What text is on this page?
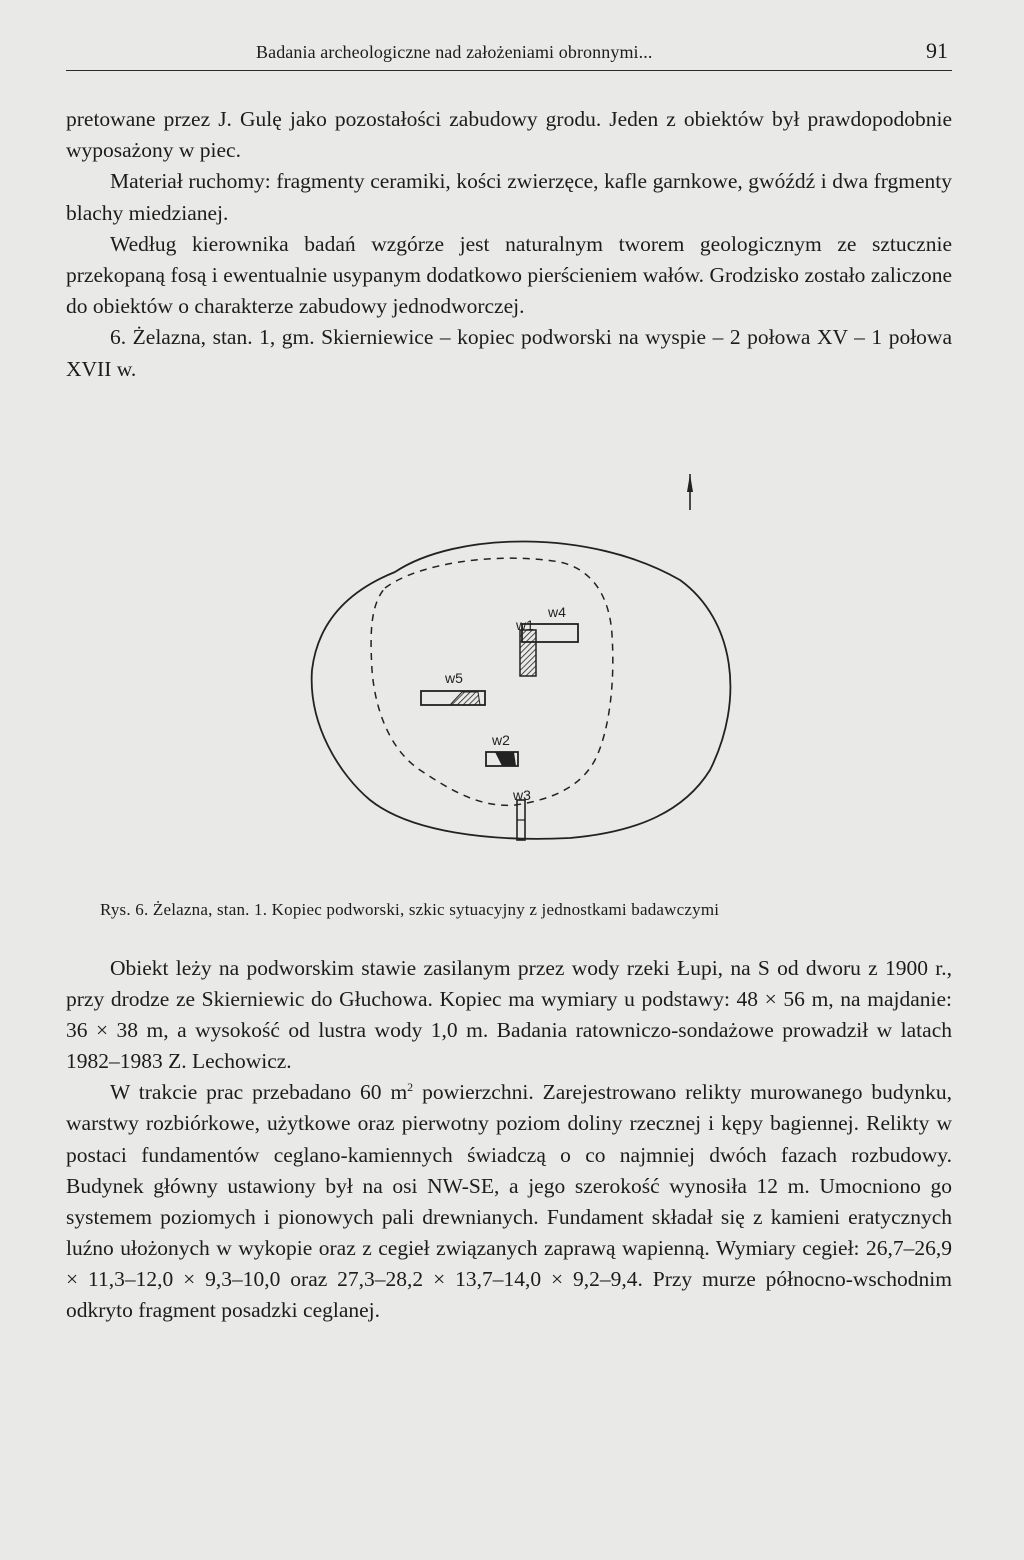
Badania archeologiczne nad założeniami obronnymi...	91

pretowane przez J. Gulę jako pozostałości zabudowy grodu. Jeden z obiektów był prawdopodobnie wyposażony w piec.

Materiał ruchomy: fragmenty ceramiki, kości zwierzęce, kafle garnkowe, gwóźdź i dwa frgmenty blachy miedzianej.

Według kierownika badań wzgórze jest naturalnym tworem geologicznym ze sztucznie przekopaną fosą i ewentualnie usypanym dodatkowo pierścieniem wałów. Grodzisko zostało zaliczone do obiektów o charakterze zabudowy jednodworczej.

6. Żelazna, stan. 1, gm. Skierniewice – kopiec podworski na wyspie – 2 połowa XV – 1 połowa XVII w.

w1
w4
w5
w2
w3
Rys. 6. Żelazna, stan. 1. Kopiec podworski, szkic sytuacyjny z jednostkami badawczymi

Obiekt leży na podworskim stawie zasilanym przez wody rzeki Łupi, na S od dworu z 1900 r., przy drodze ze Skierniewic do Głuchowa. Kopiec ma wymiary u podstawy: 48 × 56 m, na majdanie: 36 × 38 m, a wysokość od lustra wody 1,0 m. Badania ratowniczo-sondażowe prowadził w latach 1982–1983 Z. Lechowicz.

W trakcie prac przebadano 60 $m^2$ powierzchni. Zarejestrowano relikty murowanego budynku, warstwy rozbiórkowe, użytkowe oraz pierwotny poziom doliny rzecznej i kępy bagiennej. Relikty w postaci fundamentów ceglano-kamiennych świadczą o co najmniej dwóch fazach rozbudowy. Budynek główny ustawiony był na osi NW-SE, a jego szerokość wynosiła 12 m. Umocniono go systemem poziomych i pionowych pali drewnianych. Fundament składał się z kamieni eratycznych luźno ułożonych w wykopie oraz z cegieł związanych zaprawą wapienną. Wymiary cegieł: 26,7–26,9 × 11,3–12,0 × 9,3–10,0 oraz 27,3–28,2 × 13,7–14,0 × 9,2–9,4. Przy murze północno-wschodnim odkryto fragment posadzki ceglanej.
